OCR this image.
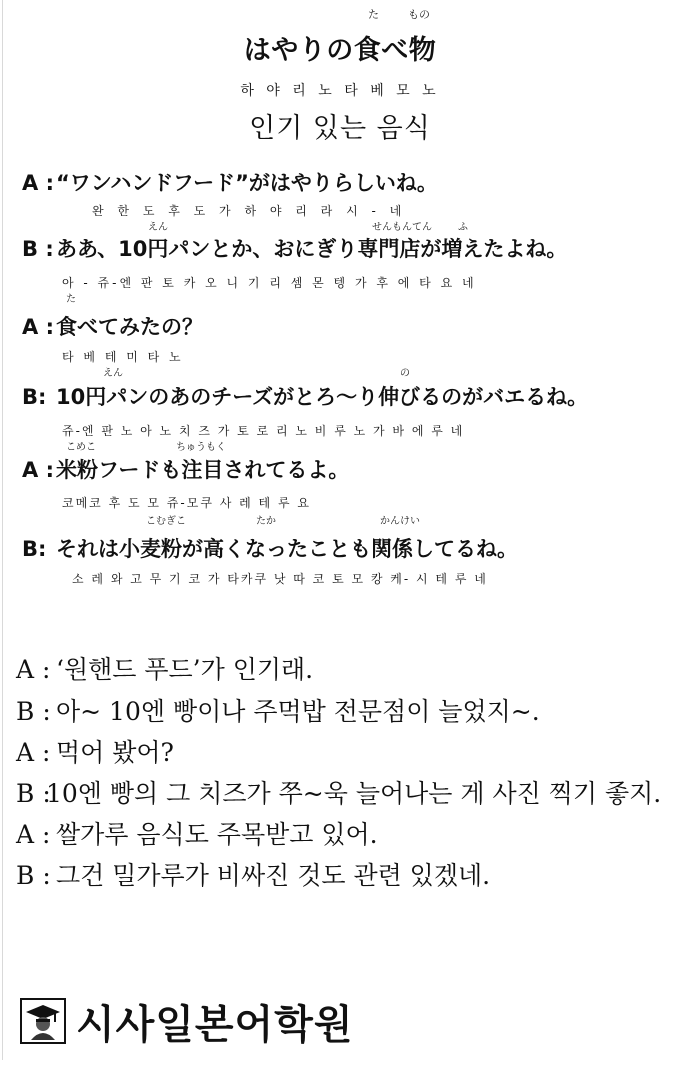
た	もの
はやりの食べ物
하 야 리 노 타 베 모 노
인기 있는 음식
A :“ワンハンドフード”がはやりらしいね。
완 한 도 후 도 가 하 야 리 라 시 - 네
えん	せんもんてん	ふ
B : ああ、10円パンとか、おにぎり専門店が増えたよね。
아 - 쥬-엔 판 토 카 오 니 기 리 셈 몬 텡 가 후 에 타 요 네
た
A :食べてみたの？
타 베 테 미 타 노
えん	の
B: 10円パンのあのチーズがとろ～り伸びるのがバエるね。
쥬-엔 판 노 아 노 치 즈 가 토 로 리 노 비 루 노 가 바 에 루 네
こめこ	ちゅうもく
A :米粉フードも注目されてるよ。
코메코 후 도 모 쥬-모쿠 사 레 테 루 요
こむぎこ	たか	かんけい
B: それは小麦粉が高くなったことも関係してるね。
소 레 와 고 무 기 코 가 타카쿠 낫 따 코 토 모 캉 케- 시 테 루 네
A : ‘원핸드 푸드’가 인기래.
B : 아~ 10엔 빵이나 주먹밥 전문점이 늘었지~.
A : 먹어 봤어?
B :10엔 빵의 그 치즈가 쭈~욱 늘어나는 게 사진 찍기 좋지.
A : 쌀가루 음식도 주목받고 있어.
B : 그건 밀가루가 비싸진 것도 관련 있겠네.
시사일본어학원
